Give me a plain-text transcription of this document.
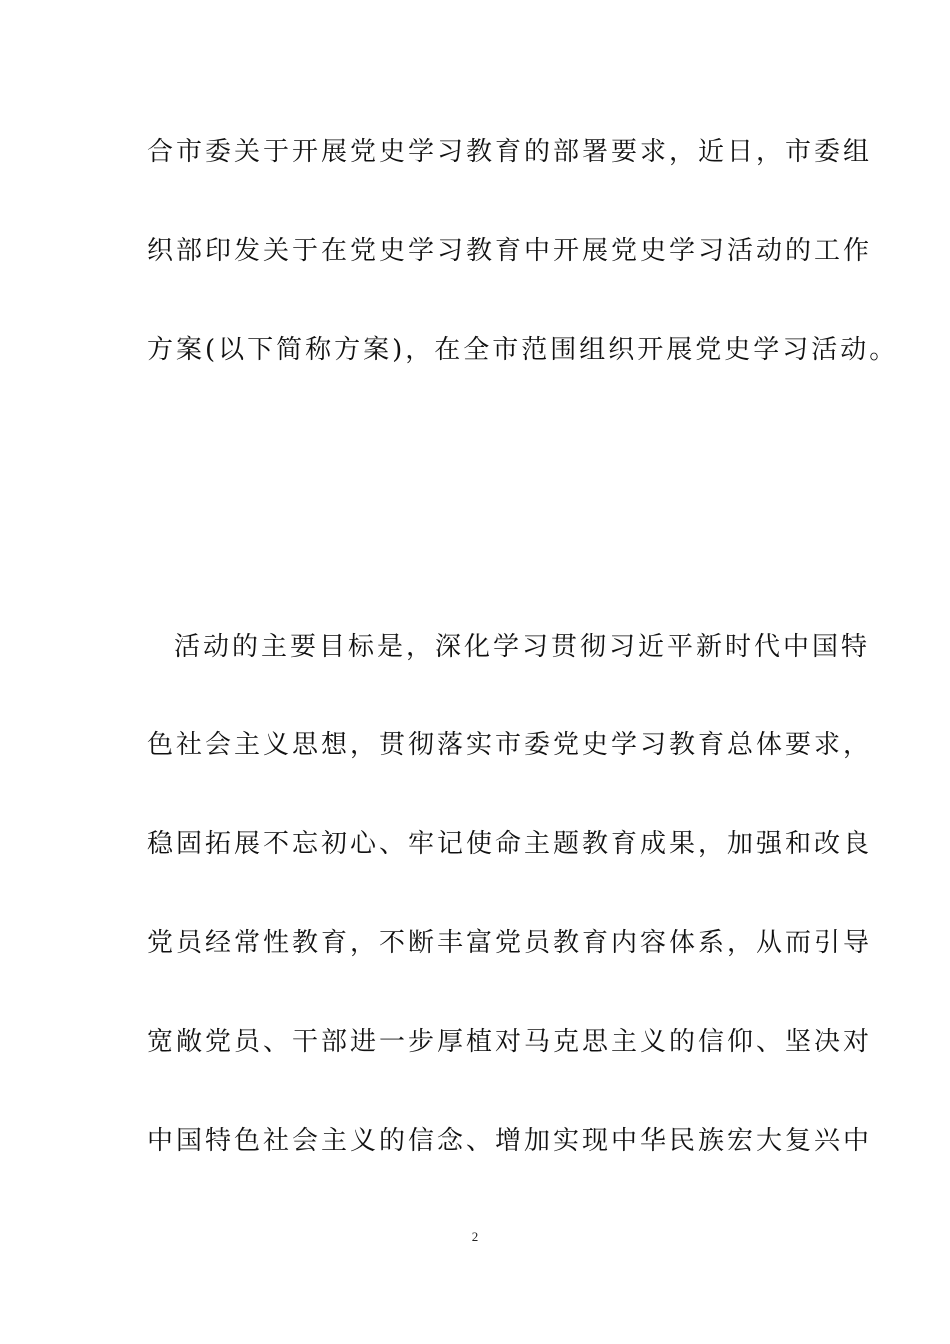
合市委关于开展党史学习教育的部署要求，近日，市委组
织部印发关于在党史学习教育中开展党史学习活动的工作
方案(以下简称方案)，在全市范围组织开展党史学习活动。
活动的主要目标是，深化学习贯彻习近平新时代中国特
色社会主义思想，贯彻落实市委党史学习教育总体要求，
稳固拓展不忘初心、牢记使命主题教育成果，加强和改良
党员经常性教育，不断丰富党员教育内容体系，从而引导
宽敞党员、干部进一步厚植对马克思主义的信仰、坚决对
中国特色社会主义的信念、增加实现中华民族宏大复兴中
2
